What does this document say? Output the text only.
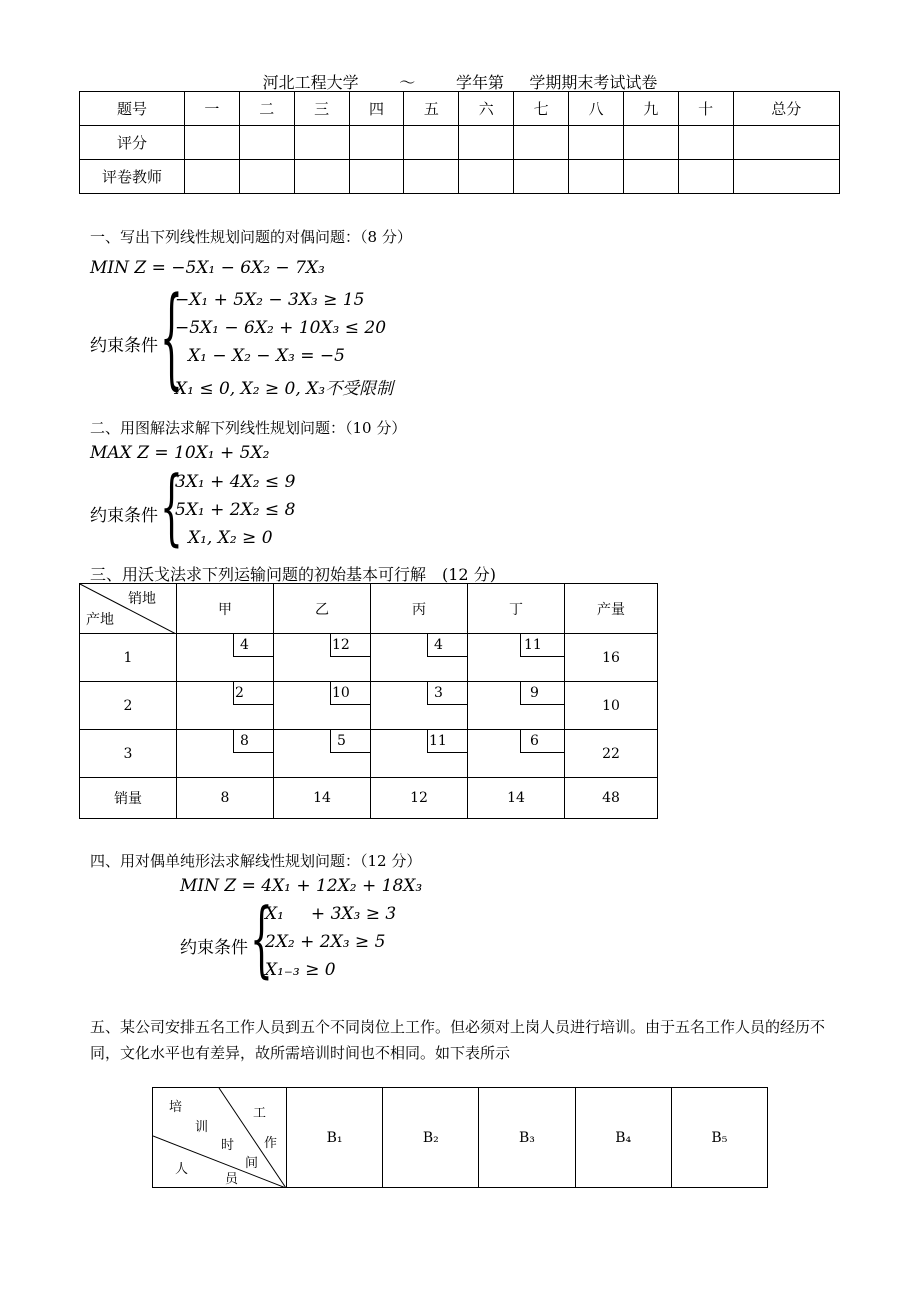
河北工程大学        ～        学年第     学期期末考试试卷
题号	一	二	三	四	五	六	七	八	九	十	总分
评分											
评卷教师											
一、写出下列线性规划问题的对偶问题：（8 分）
MIN Z = −5X₁ − 6X₂ − 7X₃
约束条件 {
−X₁ + 5X₂ − 3X₃ ≥ 15
−5X₁ − 6X₂ + 10X₃ ≤ 20
X₁ − X₂ − X₃ = −5
X₁ ≤ 0, X₂ ≥ 0, X₃不受限制
二、用图解法求解下列线性规划问题：（10 分）
MAX Z = 10X₁ + 5X₂
约束条件 {
3X₁ + 4X₂ ≤ 9
5X₁ + 2X₂ ≤ 8
X₁, X₂ ≥ 0
三、用沃戈法求下列运输问题的初始基本可行解　(12 分)
销地
产地	甲	乙	丙	丁	产量
1	4	12	4	11	16
2	2	10	3	9	10
3	8	5	11	6	22
销量	8	14	12	14	48
四、用对偶单纯形法求解线性规划问题：（12 分）
MIN Z = 4X₁ + 12X₂ + 18X₃
约束条件 {
X₁     + 3X₃ ≥ 3
2X₂ + 2X₃ ≥ 5
X₁₋₃ ≥ 0
五、某公司安排五名工作人员到五个不同岗位上工作。但必须对上岗人员进行培训。由于五名工作人员的经历不同，文化水平也有差异，故所需培训时间也不相同。如下表所示
培
训
时
间
工
作
人
员
	B₁	B₂	B₃	B₄	B₅
